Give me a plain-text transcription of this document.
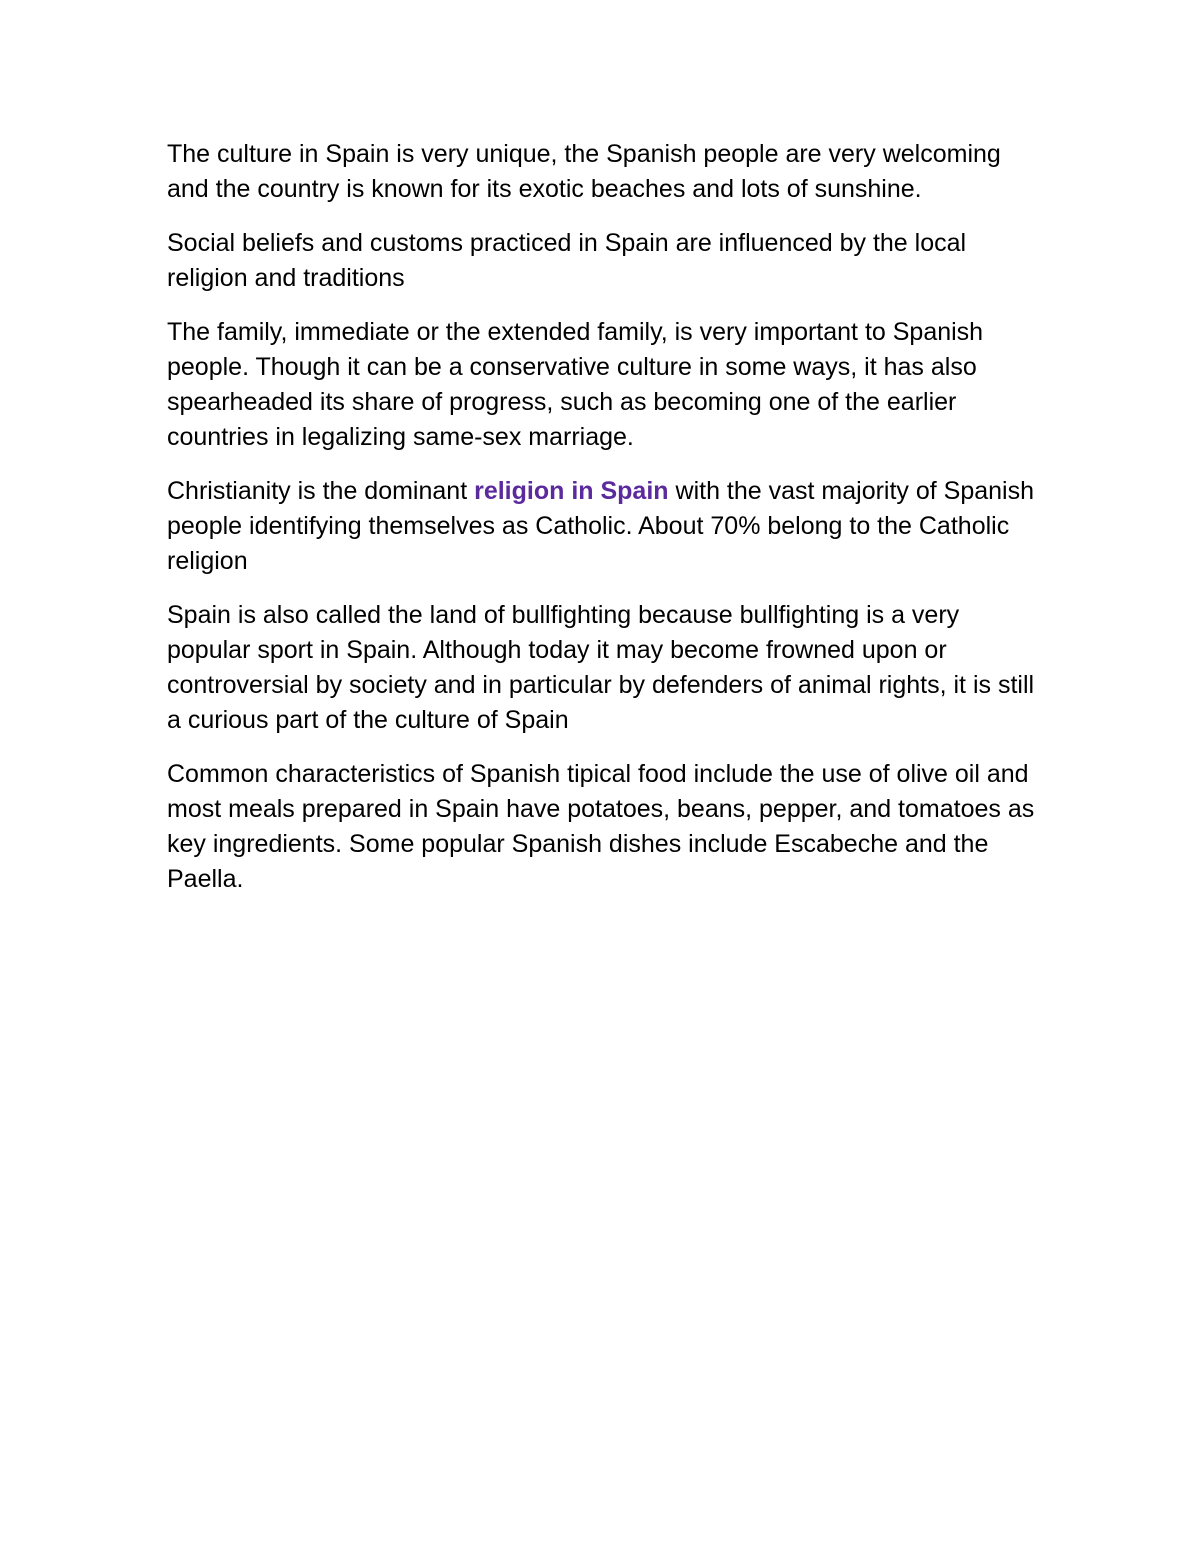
The culture in Spain is very unique, the Spanish people are very welcoming and the country is known for its exotic beaches and lots of sunshine.

Social beliefs and customs practiced in Spain are influenced by the local religion and traditions

The family, immediate or the extended family, is very important to Spanish people. Though it can be a conservative culture in some ways, it has also spearheaded its share of progress, such as becoming one of the earlier countries in legalizing same-sex marriage.

Christianity is the dominant religion in Spain with the vast majority of Spanish people identifying themselves as Catholic. About 70% belong to the Catholic religion

Spain is also called the land of bullfighting because bullfighting is a very popular sport in Spain. Although today it may become frowned upon or controversial by society and in particular by defenders of animal rights, it is still a curious part of the culture of Spain

Common characteristics of Spanish tipical food include the use of olive oil and most meals prepared in Spain have potatoes, beans, pepper, and tomatoes as key ingredients. Some popular Spanish dishes include Escabeche and the Paella.
